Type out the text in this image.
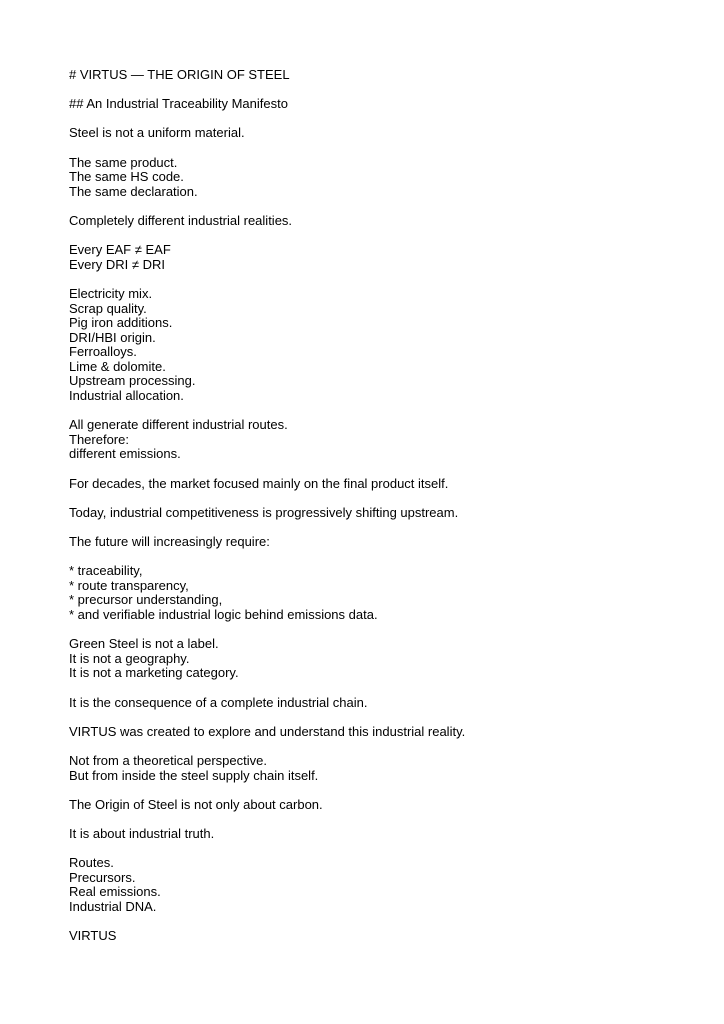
# VIRTUS — THE ORIGIN OF STEEL
## An Industrial Traceability Manifesto
Steel is not a uniform material.
The same product.
The same HS code.
The same declaration.
Completely different industrial realities.
Every EAF ≠ EAF
Every DRI ≠ DRI
Electricity mix.
Scrap quality.
Pig iron additions.
DRI/HBI origin.
Ferroalloys.
Lime & dolomite.
Upstream processing.
Industrial allocation.
All generate different industrial routes.
Therefore:
different emissions.
For decades, the market focused mainly on the final product itself.
Today, industrial competitiveness is progressively shifting upstream.
The future will increasingly require:
* traceability,
* route transparency,
* precursor understanding,
* and verifiable industrial logic behind emissions data.
Green Steel is not a label.
It is not a geography.
It is not a marketing category.
It is the consequence of a complete industrial chain.
VIRTUS was created to explore and understand this industrial reality.
Not from a theoretical perspective.
But from inside the steel supply chain itself.
The Origin of Steel is not only about carbon.
It is about industrial truth.
Routes.
Precursors.
Real emissions.
Industrial DNA.
VIRTUS
